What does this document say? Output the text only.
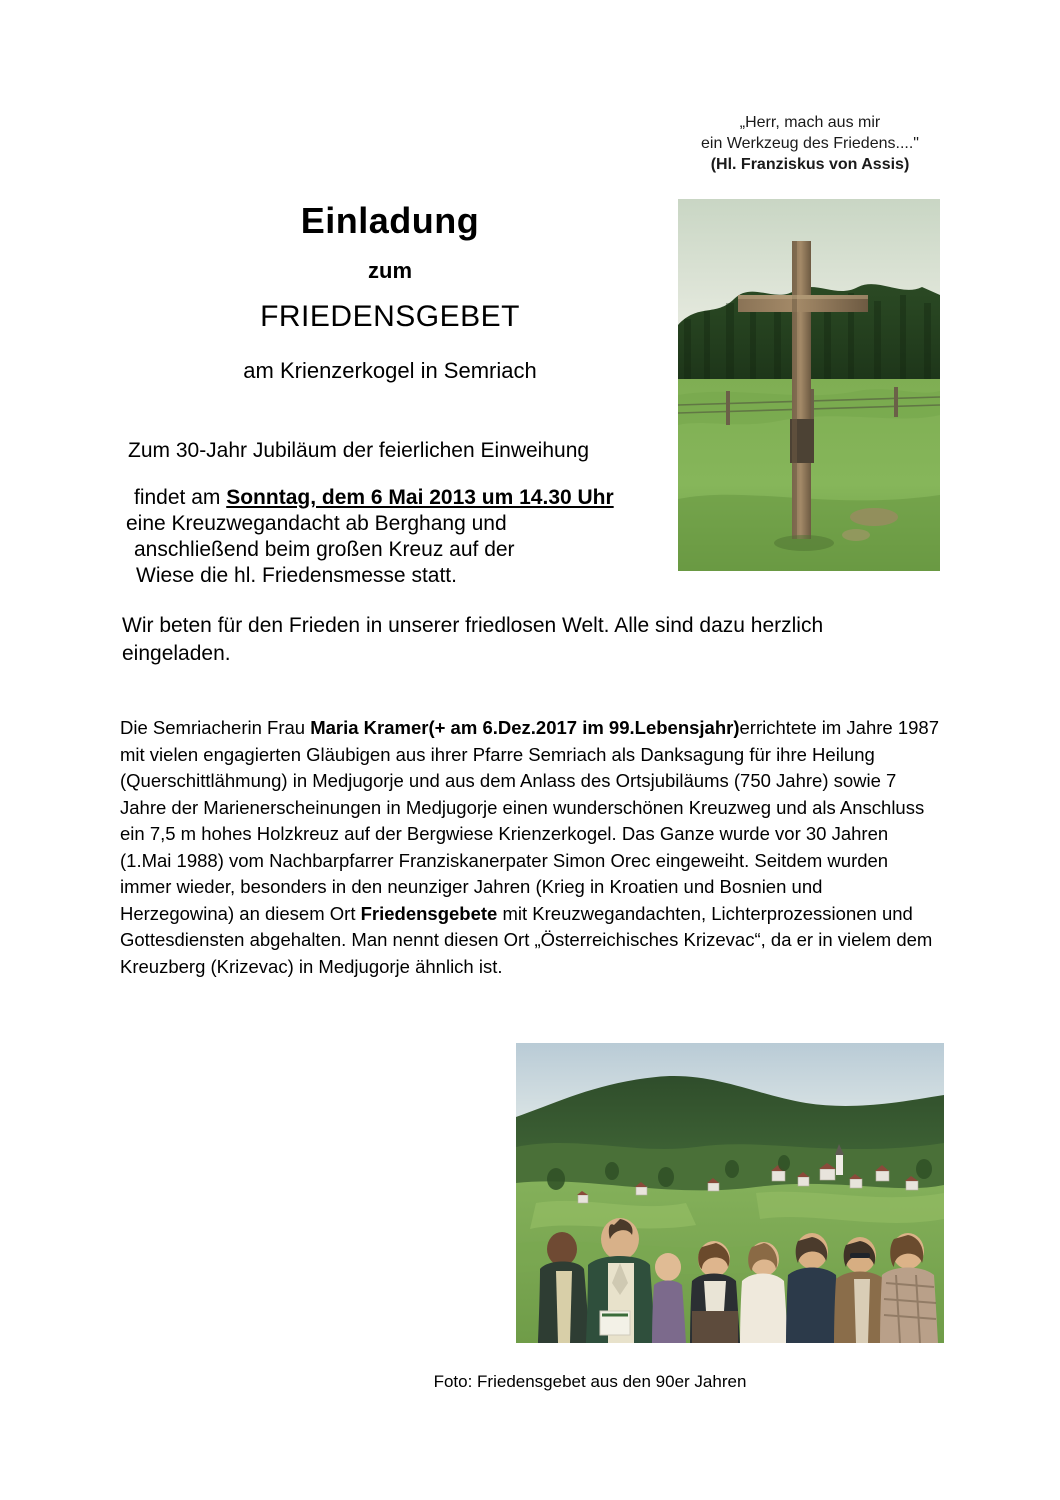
„Herr, mach aus mir
ein Werkzeug des Friedens...."
(Hl. Franziskus von Assis)
Einladung
zum
FRIEDENSGEBET
am Krienzerkogel in Semriach
Zum 30-Jahr Jubiläum der feierlichen Einweihung
findet am Sonntag, dem 6 Mai 2013 um 14.30 Uhr
eine Kreuzwegandacht ab Berghang und
anschließend beim großen Kreuz auf der
Wiese die hl. Friedensmesse statt.
Wir beten für den Frieden in unserer friedlosen Welt. Alle sind dazu herzlich eingeladen.
Die Semriacherin Frau Maria Kramer(+ am 6.Dez.2017 im 99.Lebensjahr)errichtete im Jahre 1987 mit vielen engagierten Gläubigen aus ihrer Pfarre Semriach als Danksagung für ihre Heilung (Querschittlähmung) in Medjugorje und aus dem Anlass des Ortsjubiläums (750 Jahre) sowie 7 Jahre der Marienerscheinungen in Medjugorje einen wunderschönen Kreuzweg und als Anschluss ein 7,5 m hohes Holzkreuz auf der Bergwiese Krienzerkogel. Das Ganze wurde vor 30 Jahren (1.Mai 1988) vom Nachbarpfarrer Franziskanerpater Simon Orec eingeweiht. Seitdem wurden immer wieder, besonders in den neunziger Jahren (Krieg in Kroatien und Bosnien und Herzegowina) an diesem Ort Friedensgebete mit Kreuzwegandachten, Lichterprozessionen und Gottesdiensten abgehalten. Man nennt diesen Ort „Österreichisches Krizevac“, da er in vielem dem Kreuzberg (Krizevac) in Medjugorje ähnlich ist.
Foto: Friedensgebet aus den 90er Jahren
